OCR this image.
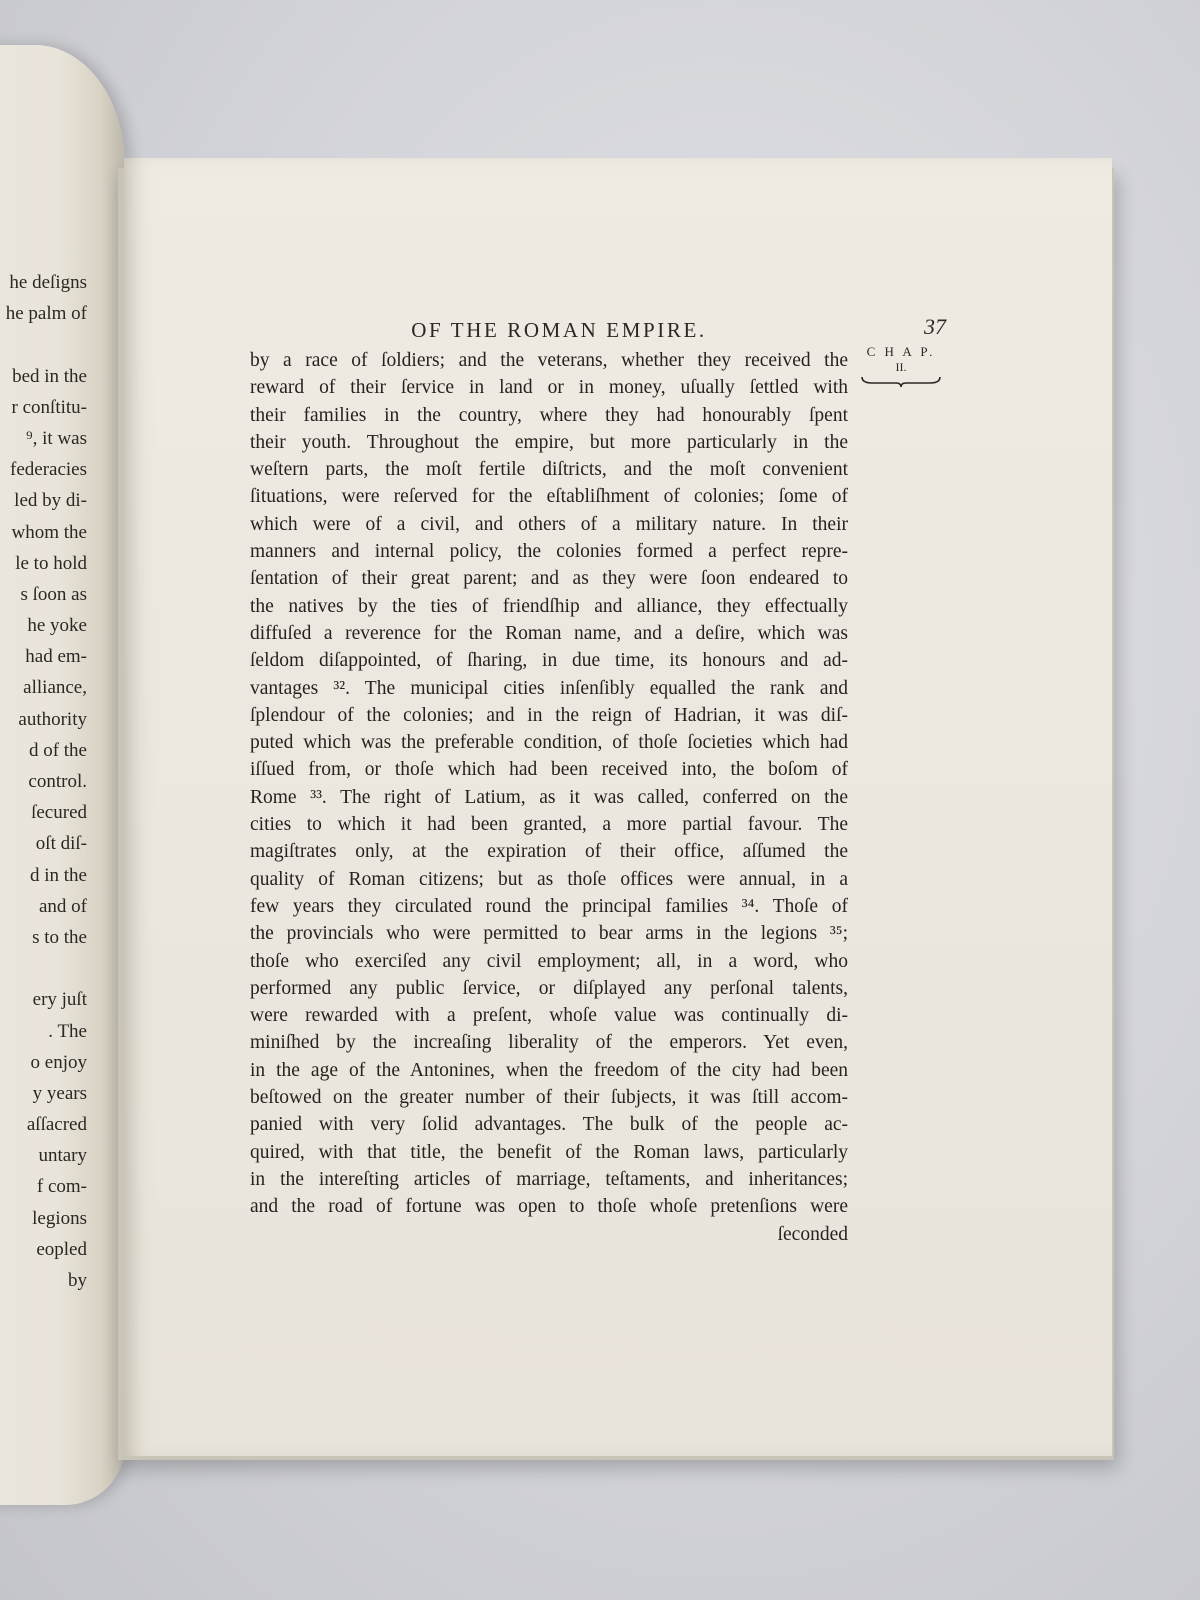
he deſigns
he palm of
bed in the
r conſtitu-
⁹, it was
federacies
led by di-
whom the
le to hold
s ſoon as
he yoke
had em-
alliance,
authority
d of the
control.
ſecured
oſt diſ-
d in the
and of
s to the
ery juſt
. The
o enjoy
y years
aſſacred
untary
f com-
legions
eopled
by

OF THE ROMAN EMPIRE.	37
C H A P.
II.
by a race of ſoldiers; and the veterans, whether they received the
reward of their ſervice in land or in money, uſually ſettled with
their families in the country, where they had honourably ſpent
their youth. Throughout the empire, but more particularly in the
weſtern parts, the moſt fertile diſtricts, and the moſt convenient
ſituations, were reſerved for the eſtabliſhment of colonies; ſome of
which were of a civil, and others of a military nature. In their
manners and internal policy, the colonies formed a perfect repre-
ſentation of their great parent; and as they were ſoon endeared to
the natives by the ties of friendſhip and alliance, they effectually
diffuſed a reverence for the Roman name, and a deſire, which was
ſeldom diſappointed, of ſharing, in due time, its honours and ad-
vantages ³². The municipal cities inſenſibly equalled the rank and
ſplendour of the colonies; and in the reign of Hadrian, it was diſ-
puted which was the preferable condition, of thoſe ſocieties which had
iſſued from, or thoſe which had been received into, the boſom of
Rome ³³. The right of Latium, as it was called, conferred on the
cities to which it had been granted, a more partial favour. The
magiſtrates only, at the expiration of their office, aſſumed the
quality of Roman citizens; but as thoſe offices were annual, in a
few years they circulated round the principal families ³⁴. Thoſe of
the provincials who were permitted to bear arms in the legions ³⁵;
thoſe who exerciſed any civil employment; all, in a word, who
performed any public ſervice, or diſplayed any perſonal talents,
were rewarded with a preſent, whoſe value was continually di-
miniſhed by the increaſing liberality of the emperors. Yet even,
in the age of the Antonines, when the freedom of the city had been
beſtowed on the greater number of their ſubjects, it was ſtill accom-
panied with very ſolid advantages. The bulk of the people ac-
quired, with that title, the benefit of the Roman laws, particularly
in the intereſting articles of marriage, teſtaments, and inheritances;
and the road of fortune was open to thoſe whoſe pretenſions were
ſeconded
